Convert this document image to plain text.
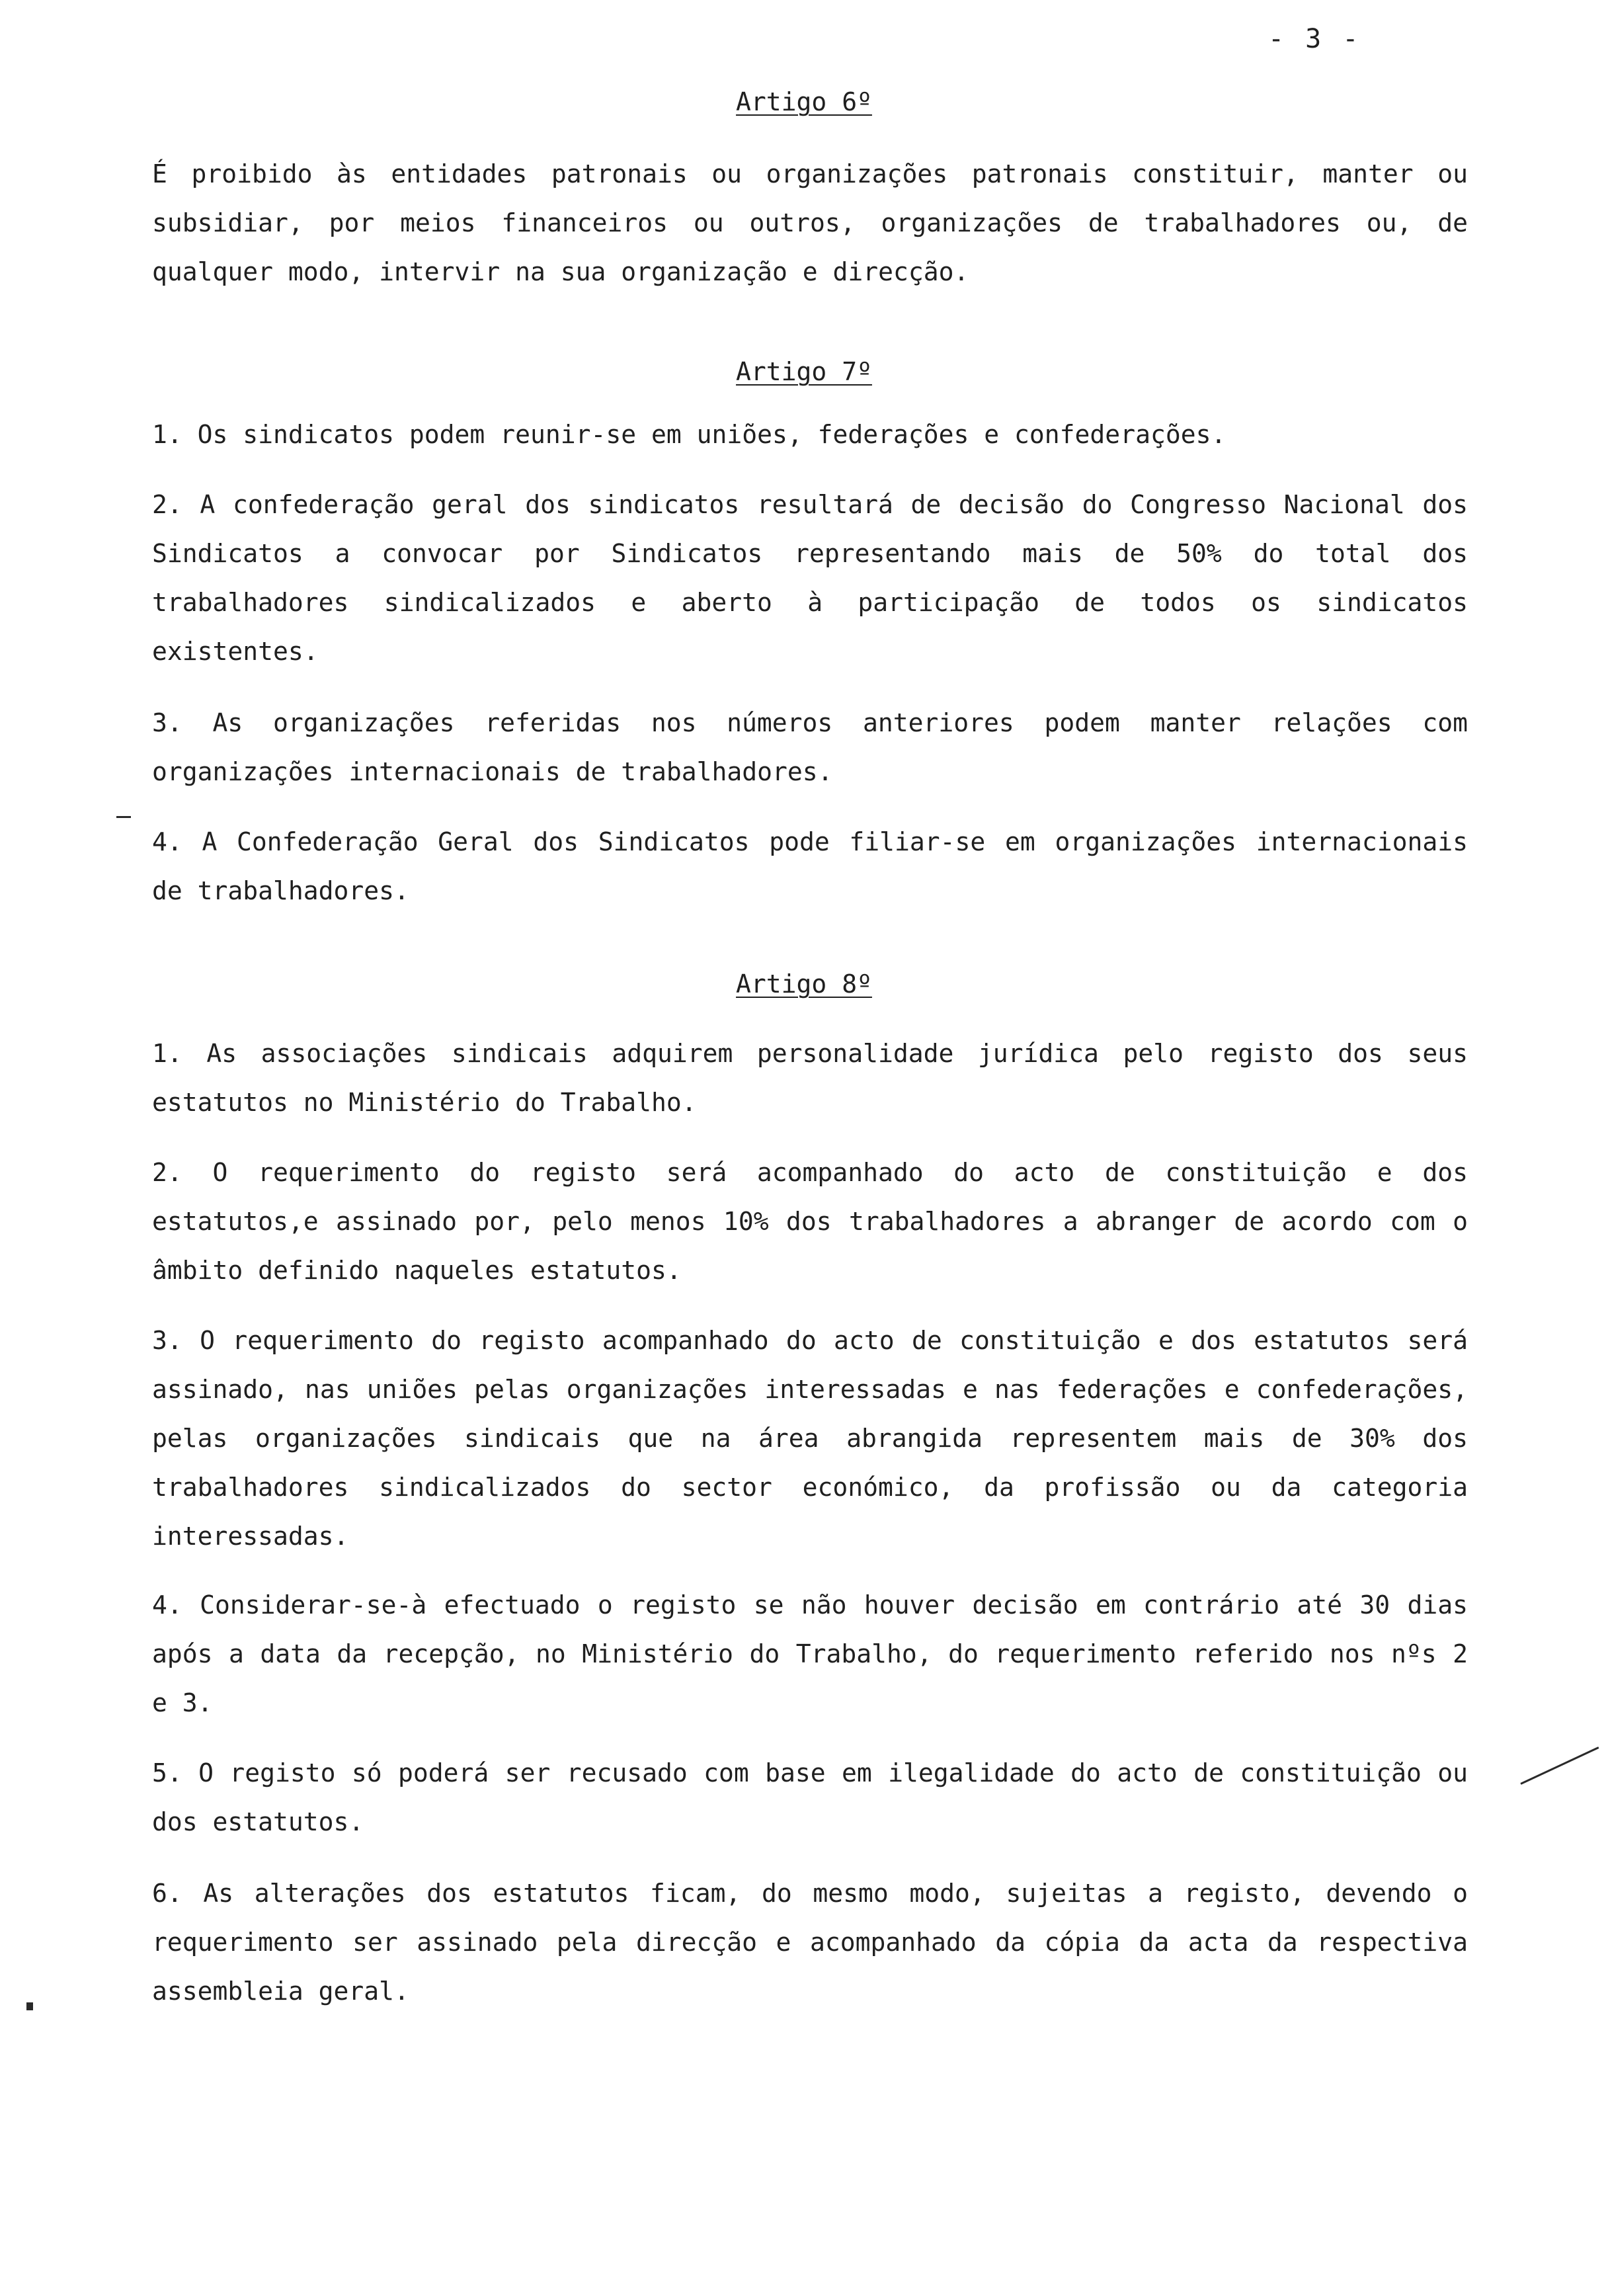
- 3 -
Artigo 6º
É proibido às entidades patronais ou organizações patronais constituir, manter ou subsidiar, por meios financeiros ou outros, organizações de trabalhadores ou, de qualquer modo, intervir na sua organização e direcção.
Artigo 7º
1. Os sindicatos podem reunir-se em uniões, federações e confederações.
2. A confederação geral dos sindicatos resultará de decisão do Congresso Nacional dos Sindicatos a convocar por Sindicatos representando mais de 50% do total dos trabalhadores sindicalizados e aberto à participação de todos os sindicatos existentes.
3. As organizações referidas nos números anteriores podem manter relações com organizações internacionais de trabalhadores.
4. A Confederação Geral dos Sindicatos pode filiar-se em organizações internacionais de trabalhadores.
Artigo 8º
1. As associações sindicais adquirem personalidade jurídica pelo registo dos seus estatutos no Ministério do Trabalho.
2. O requerimento do registo será acompanhado do acto de constituição e dos estatutos,e assinado por, pelo menos 10% dos trabalhadores a abranger de acordo com o âmbito definido naqueles estatutos.
3. O requerimento do registo acompanhado do acto de constituição e dos estatutos será assinado, nas uniões pelas organizações interessadas e nas federações e confederações, pelas organizações sindicais que na área abrangida representem mais de 30% dos trabalhadores sindicalizados do sector económico, da profissão ou da categoria interessadas.
4. Considerar-se-à efectuado o registo se não houver decisão em contrário até 30 dias após a data da recepção, no Ministério do Trabalho, do requerimento referido nos nºs 2 e 3.
5. O registo só poderá ser recusado com base em ilegalidade do acto de constituição ou dos estatutos.
6. As alterações dos estatutos ficam, do mesmo modo, sujeitas a registo, devendo o requerimento ser assinado pela direcção e acompanhado da cópia da acta da respectiva assembleia geral.
